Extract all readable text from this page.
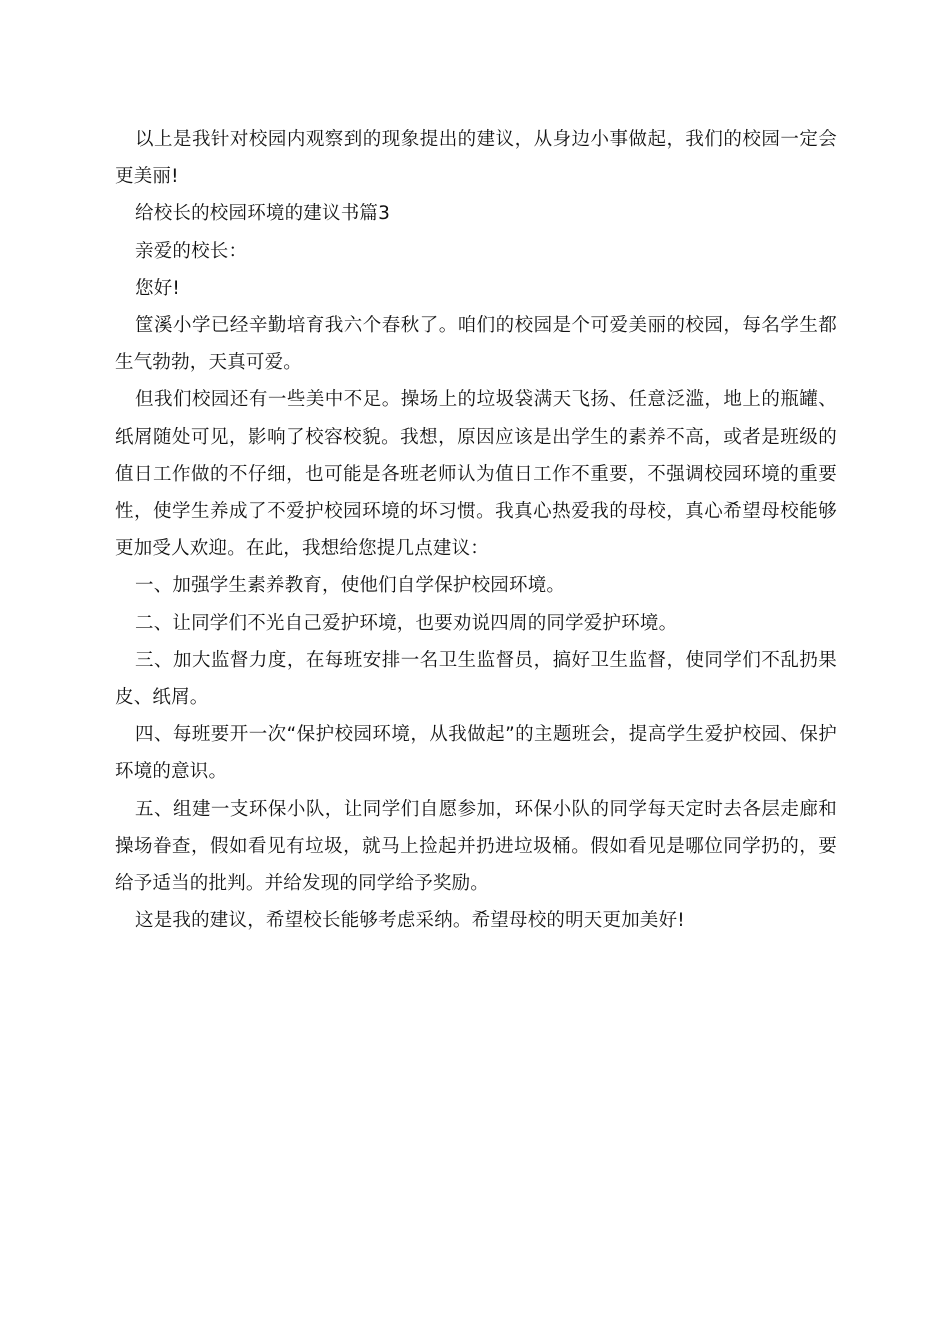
以上是我针对校园内观察到的现象提出的建议，从身边小事做起，我们的校园一定会更美丽!

给校长的校园环境的建议书篇3

亲爱的校长：

您好!

筐溪小学已经辛勤培育我六个春秋了。咱们的校园是个可爱美丽的校园，每名学生都生气勃勃，天真可爱。

但我们校园还有一些美中不足。操场上的垃圾袋满天飞扬、任意泛滥，地上的瓶罐、纸屑随处可见，影响了校容校貌。我想，原因应该是出学生的素养不高，或者是班级的值日工作做的不仔细，也可能是各班老师认为值日工作不重要，不强调校园环境的重要性，使学生养成了不爱护校园环境的坏习惯。我真心热爱我的母校，真心希望母校能够更加受人欢迎。在此，我想给您提几点建议：

一、加强学生素养教育，使他们自学保护校园环境。

二、让同学们不光自己爱护环境，也要劝说四周的同学爱护环境。

三、加大监督力度，在每班安排一名卫生监督员，搞好卫生监督，使同学们不乱扔果皮、纸屑。

四、每班要开一次“保护校园环境，从我做起”的主题班会，提高学生爱护校园、保护环境的意识。

五、组建一支环保小队，让同学们自愿参加，环保小队的同学每天定时去各层走廊和操场眷查，假如看见有垃圾，就马上捡起并扔进垃圾桶。假如看见是哪位同学扔的，要给予适当的批判。并给发现的同学给予奖励。

这是我的建议，希望校长能够考虑采纳。希望母校的明天更加美好!
